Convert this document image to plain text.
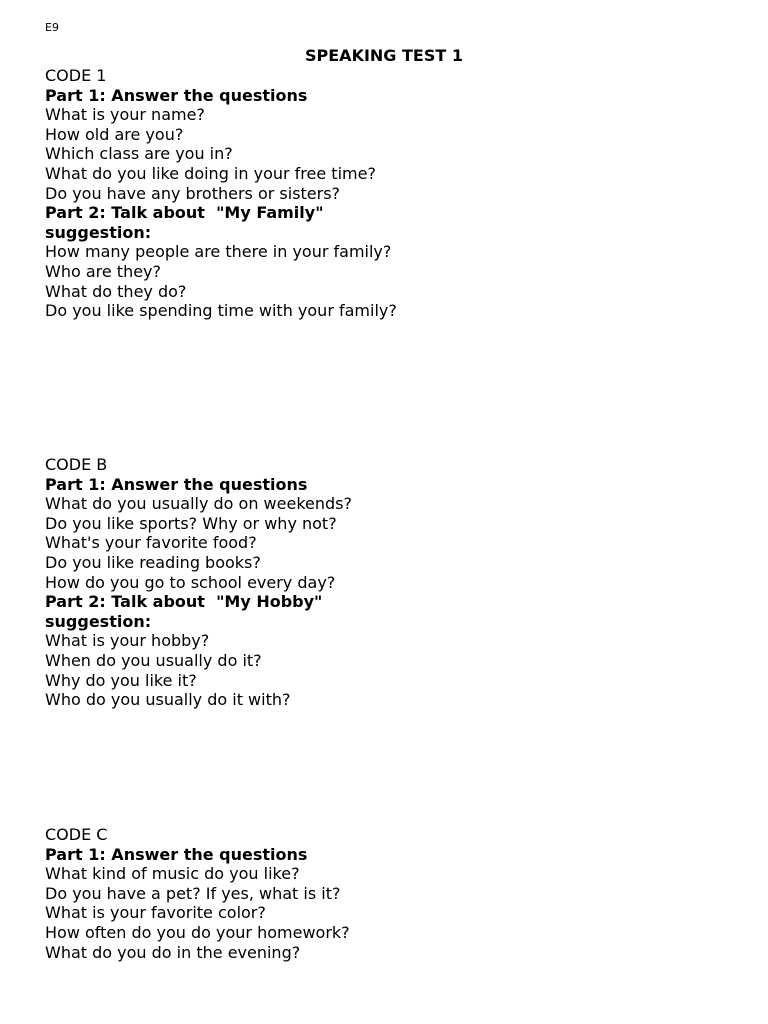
E9
SPEAKING TEST 1
CODE 1
Part 1: Answer the questions
What is your name?
How old are you?
Which class are you in?
What do you like doing in your free time?
Do you have any brothers or sisters?
Part 2: Talk about  "My Family"
suggestion:
How many people are there in your family?
Who are they?
What do they do?
Do you like spending time with your family?
CODE B
Part 1: Answer the questions
What do you usually do on weekends?
Do you like sports? Why or why not?
What's your favorite food?
Do you like reading books?
How do you go to school every day?
Part 2: Talk about  "My Hobby"
suggestion:
What is your hobby?
When do you usually do it?
Why do you like it?
Who do you usually do it with?
CODE C
Part 1: Answer the questions
What kind of music do you like?
Do you have a pet? If yes, what is it?
What is your favorite color?
How often do you do your homework?
What do you do in the evening?
